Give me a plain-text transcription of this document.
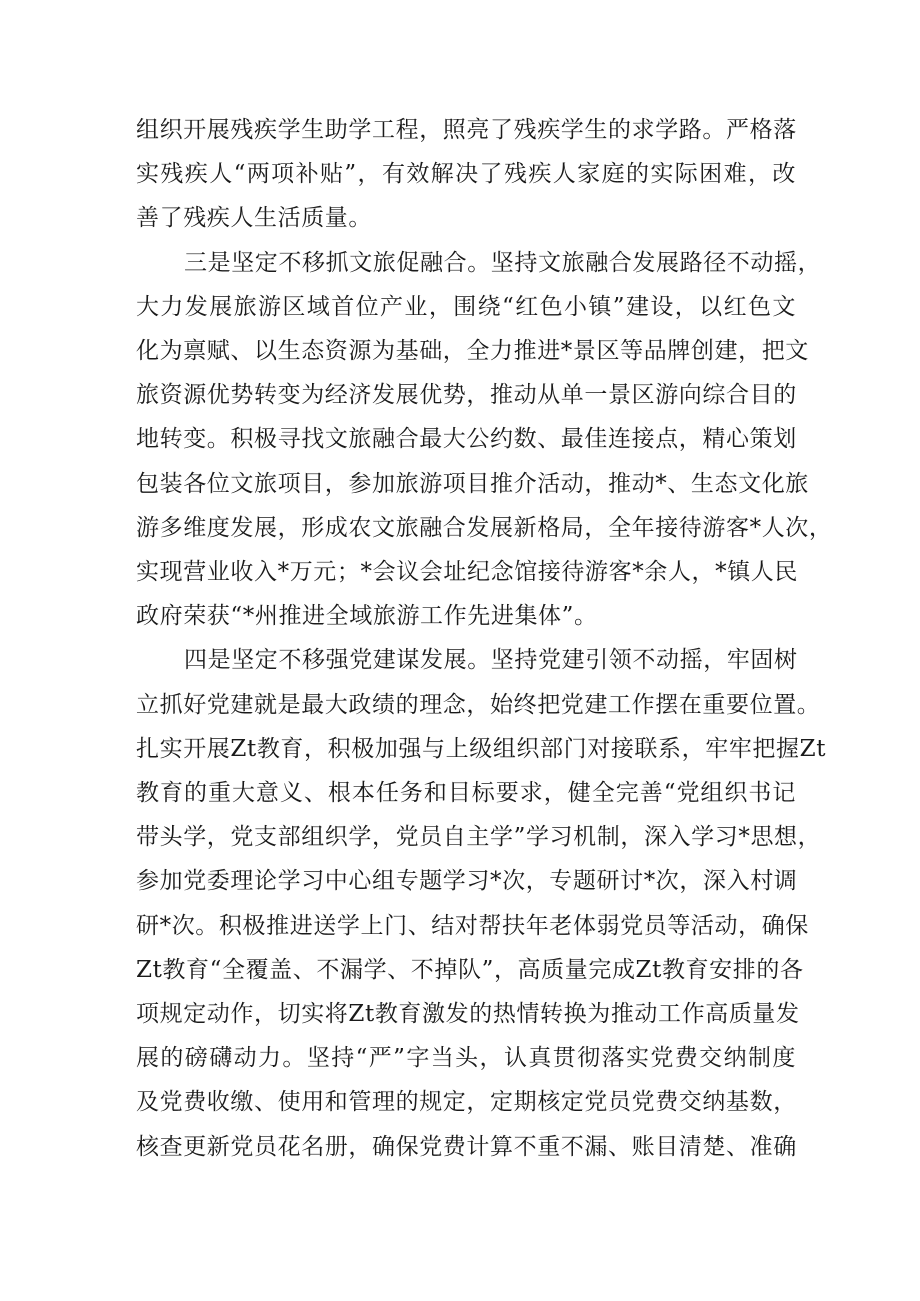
组织开展残疾学生助学工程，照亮了残疾学生的求学路。严格落
实残疾人“两项补贴”，有效解决了残疾人家庭的实际困难，改
善了残疾人生活质量。
三是坚定不移抓文旅促融合。坚持文旅融合发展路径不动摇，
大力发展旅游区域首位产业，围绕“红色小镇”建设，以红色文
化为禀赋、以生态资源为基础，全力推进*景区等品牌创建，把文
旅资源优势转变为经济发展优势，推动从单一景区游向综合目的
地转变。积极寻找文旅融合最大公约数、最佳连接点，精心策划
包装各位文旅项目，参加旅游项目推介活动，推动*、生态文化旅
游多维度发展，形成农文旅融合发展新格局，全年接待游客*人次，
实现营业收入*万元；*会议会址纪念馆接待游客*余人，*镇人民
政府荣获“*州推进全域旅游工作先进集体”。
四是坚定不移强党建谋发展。坚持党建引领不动摇，牢固树
立抓好党建就是最大政绩的理念，始终把党建工作摆在重要位置。
扎实开展Zt教育，积极加强与上级组织部门对接联系，牢牢把握Zt
教育的重大意义、根本任务和目标要求，健全完善“党组织书记
带头学，党支部组织学，党员自主学”学习机制，深入学习*思想，
参加党委理论学习中心组专题学习*次，专题研讨*次，深入村调
研*次。积极推进送学上门、结对帮扶年老体弱党员等活动，确保
Zt教育“全覆盖、不漏学、不掉队”，高质量完成Zt教育安排的各
项规定动作，切实将Zt教育激发的热情转换为推动工作高质量发
展的磅礴动力。坚持“严”字当头，认真贯彻落实党费交纳制度
及党费收缴、使用和管理的规定，定期核定党员党费交纳基数，
核查更新党员花名册，确保党费计算不重不漏、账目清楚、准确
